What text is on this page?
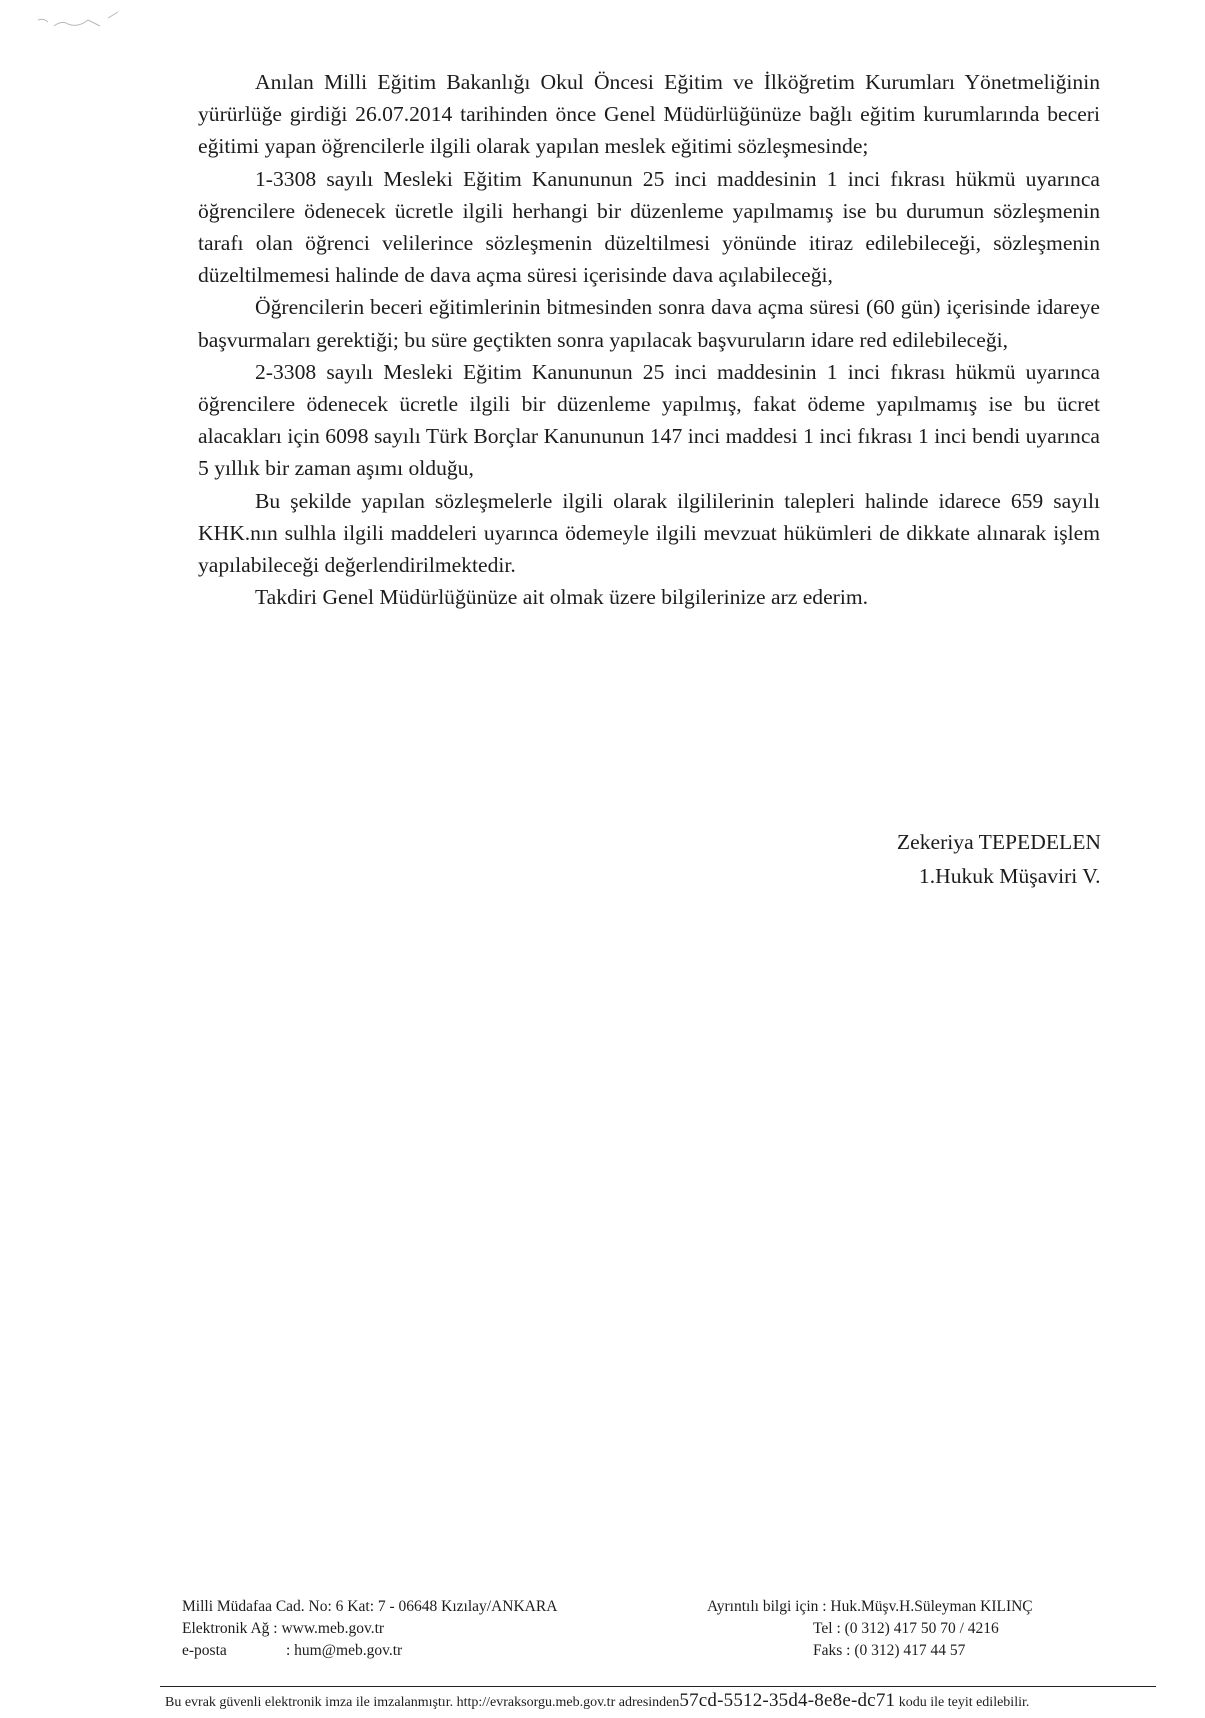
Anılan Milli Eğitim Bakanlığı Okul Öncesi Eğitim ve İlköğretim Kurumları Yönetmeliğinin yürürlüğe girdiği 26.07.2014 tarihinden önce Genel Müdürlüğünüze bağlı eğitim kurumlarında beceri eğitimi yapan öğrencilerle ilgili olarak yapılan meslek eğitimi sözleşmesinde;

1-3308 sayılı Mesleki Eğitim Kanununun 25 inci maddesinin 1 inci fıkrası hükmü uyarınca öğrencilere ödenecek ücretle ilgili herhangi bir düzenleme yapılmamış ise bu durumun sözleşmenin tarafı olan öğrenci velilerince sözleşmenin düzeltilmesi yönünde itiraz edilebileceği, sözleşmenin düzeltilmemesi halinde de dava açma süresi içerisinde dava açılabileceği,

Öğrencilerin beceri eğitimlerinin bitmesinden sonra dava açma süresi (60 gün) içerisinde idareye başvurmaları gerektiği; bu süre geçtikten sonra yapılacak başvuruların idare red edilebileceği,

2-3308 sayılı Mesleki Eğitim Kanununun 25 inci maddesinin 1 inci fıkrası hükmü uyarınca öğrencilere ödenecek ücretle ilgili bir düzenleme yapılmış, fakat ödeme yapılmamış ise bu ücret alacakları için 6098 sayılı Türk Borçlar Kanununun 147 inci maddesi 1 inci fıkrası 1 inci bendi uyarınca 5 yıllık bir zaman aşımı olduğu,

Bu şekilde yapılan sözleşmelerle ilgili olarak ilgililerinin talepleri halinde idarece 659 sayılı KHK.nın sulhla ilgili maddeleri uyarınca ödemeyle ilgili mevzuat hükümleri de dikkate alınarak işlem yapılabileceği değerlendirilmektedir.

Takdiri Genel Müdürlüğünüze ait olmak üzere bilgilerinize arz ederim.

Zekeriya TEPEDELEN
1.Hukuk Müşaviri V.
Milli Müdafaa Cad. No: 6 Kat: 7 - 06648 Kızılay/ANKARA
Elektronik Ağ : www.meb.gov.tr
e-posta	: hum@meb.gov.tr
Ayrıntılı bilgi için : Huk.Müşv.H.Süleyman KILINÇ
Tel : (0 312) 417 50 70 / 4216
Faks : (0 312) 417 44 57
Bu evrak güvenli elektronik imza ile imzalanmıştır. http://evraksorgu.meb.gov.tr adresinden57cd-5512-35d4-8e8e-dc71 kodu ile teyit edilebilir.
